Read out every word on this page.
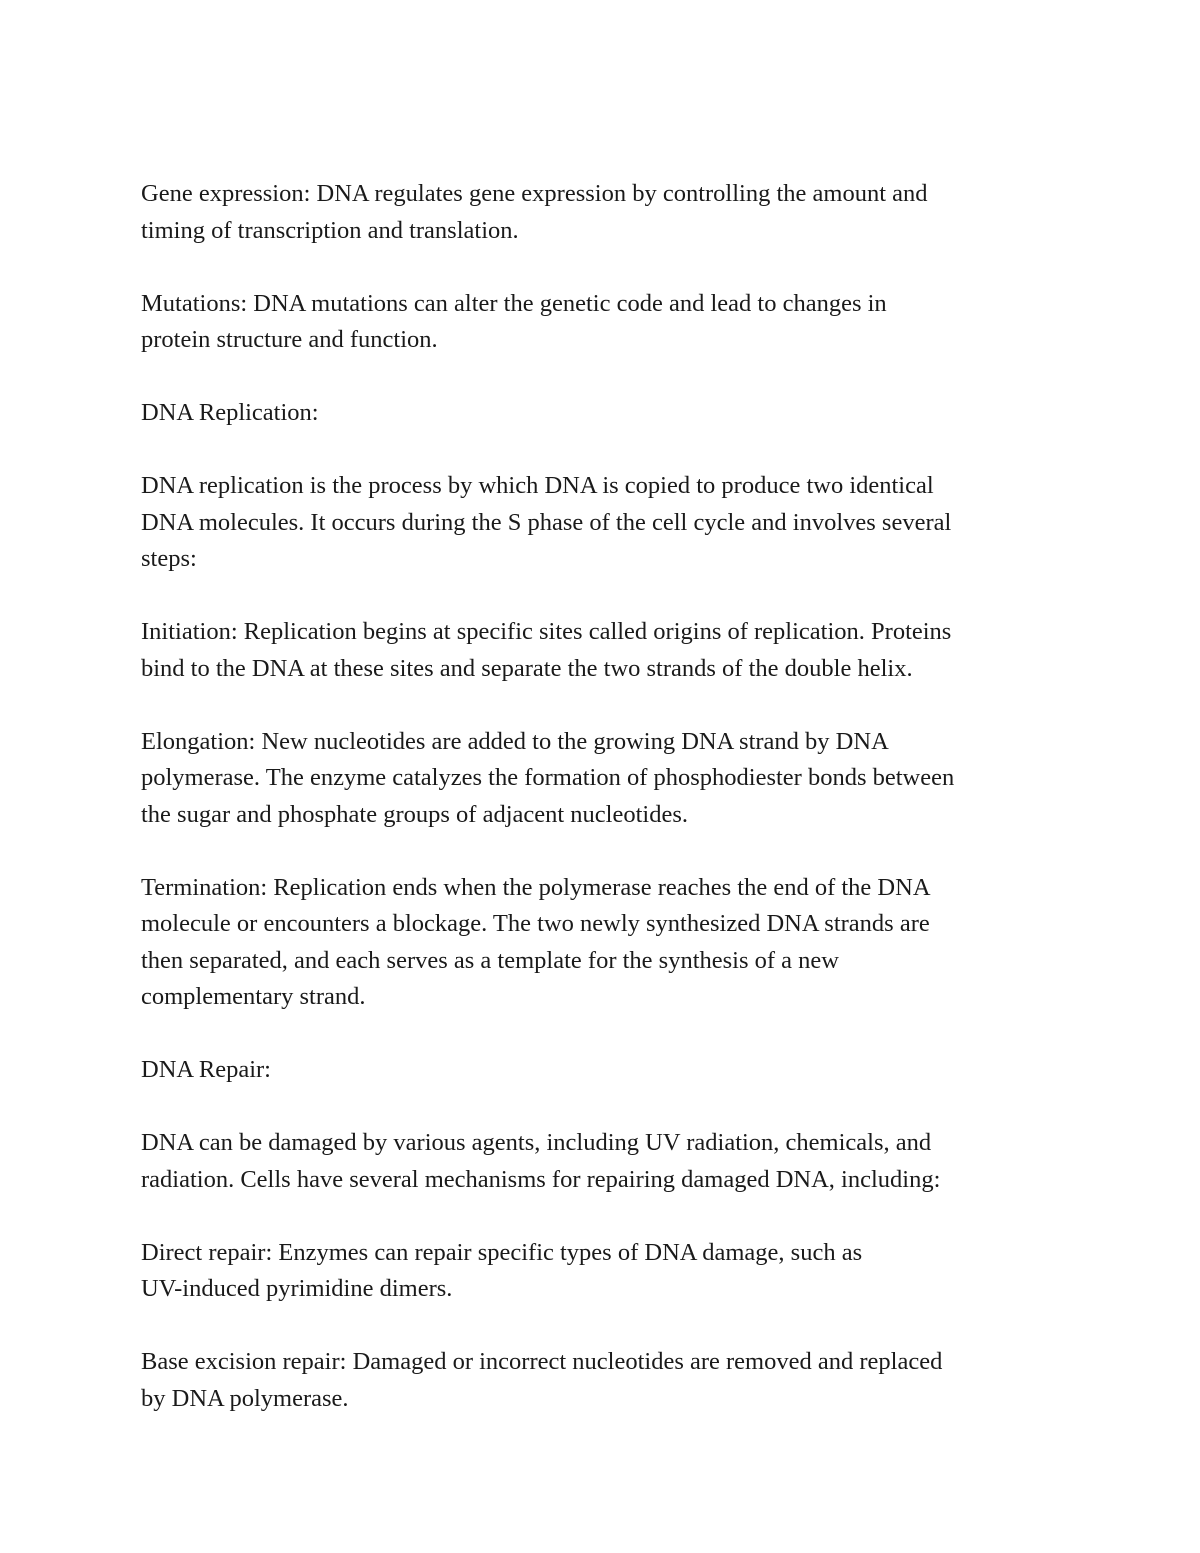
Gene expression: DNA regulates gene expression by controlling the amount and
timing of transcription and translation.

Mutations: DNA mutations can alter the genetic code and lead to changes in
protein structure and function.

DNA Replication:

DNA replication is the process by which DNA is copied to produce two identical
DNA molecules. It occurs during the S phase of the cell cycle and involves several
steps:

Initiation: Replication begins at specific sites called origins of replication. Proteins
bind to the DNA at these sites and separate the two strands of the double helix.

Elongation: New nucleotides are added to the growing DNA strand by DNA
polymerase. The enzyme catalyzes the formation of phosphodiester bonds between
the sugar and phosphate groups of adjacent nucleotides.

Termination: Replication ends when the polymerase reaches the end of the DNA
molecule or encounters a blockage. The two newly synthesized DNA strands are
then separated, and each serves as a template for the synthesis of a new
complementary strand.

DNA Repair:

DNA can be damaged by various agents, including UV radiation, chemicals, and
radiation. Cells have several mechanisms for repairing damaged DNA, including:

Direct repair: Enzymes can repair specific types of DNA damage, such as
UV-induced pyrimidine dimers.

Base excision repair: Damaged or incorrect nucleotides are removed and replaced
by DNA polymerase.
